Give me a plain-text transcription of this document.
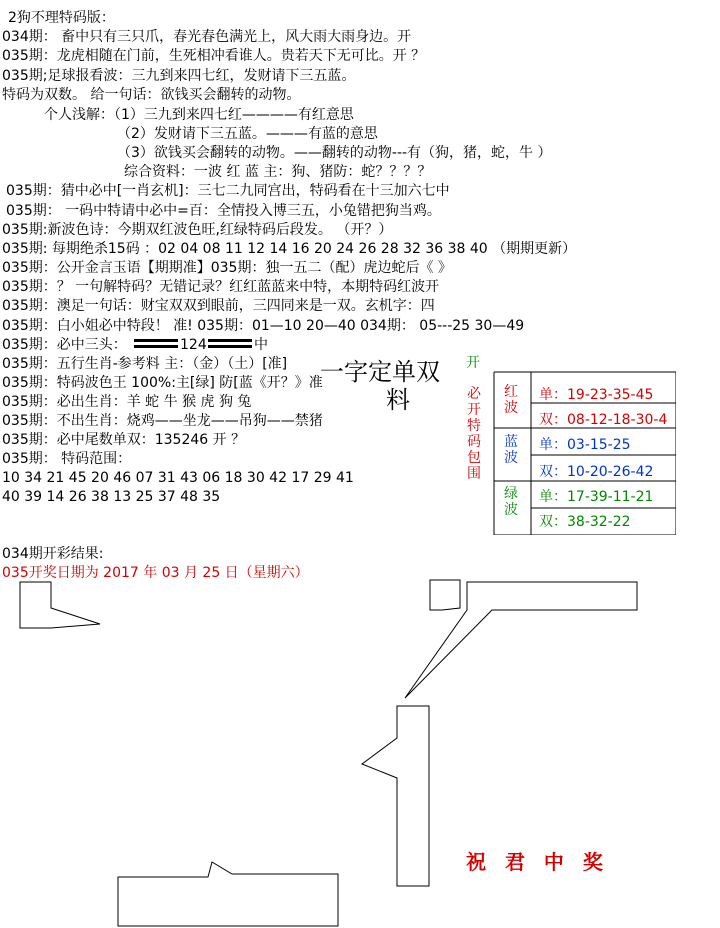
2狗不理特码版：
034期： 畜中只有三只爪，春光春色满光上，风大雨大雨身边。开
035期：龙虎相随在门前，生死相冲看谁人。贵若天下无可比。开 ？
035期;足球报看波：三九到来四七红，发财请下三五蓝。
特码为双数。 给一句话：欲钱买会翻转的动物。
个人浅解：（1）三九到来四七红————有红意思
（2）发财请下三五蓝。———有蓝的意思
（3）欲钱买会翻转的动物。——翻转的动物---有（狗，猪，蛇，牛 ）
综合资料：一波 红 蓝 主：狗、猪防：蛇？？？？
035期：猜中必中[一肖玄机]：三七二九同宫出，特码看在十三加六七中
035期： 一码中特请中必中=百：全情投入博三五，小兔错把狗当鸡。
035期:新波色诗：今期双红波色旺,红绿特码后段发。 （开？）
035期: 每期绝杀15码 ：02 04 08 11 12 14 16 20 24 26 28 32 36 38 40 （期期更新）
035期：公开金言玉语【期期准】035期：独一五二（配）虎边蛇后《 》
035期：？ 一句解特码？无错记录？红红蓝蓝来中特，本期特码红波开
035期：澳足一句话：财宝双双到眼前，三四同来是一双。玄机字：四
035期：白小姐必中特段！ 准! 035期：01—10 20—40 034期： 05---25 30—49
035期：必中三头：	124	中
035期：五行生肖-参考料 主：（金）（土）[准]
035期：特码波色王 100%:主[绿] 防[蓝《开？》准
035期：必出生肖：羊 蛇 牛 猴 虎 狗 兔
035期：不出生肖：烧鸡——坐龙——吊狗——禁猪
035期：必中尾数单双：135246 开 ？
035期： 特码范围：
10 34 21 45 20 46 07 31 43 06 18 30 42 17 29 41
40 39 14 26 38 13 25 37 48 35
一字定单双
料
开
必开特码包围
红波
单：19-23-35-45
双：08-12-18-30-4
蓝波
单：03-15-25
双：10-20-26-42
绿波
单：17-39-11-21
双：38-32-22
034期开彩结果:
035开奖日期为 2017 年 03 月 25 日（星期六）
祝 君 中 奖
